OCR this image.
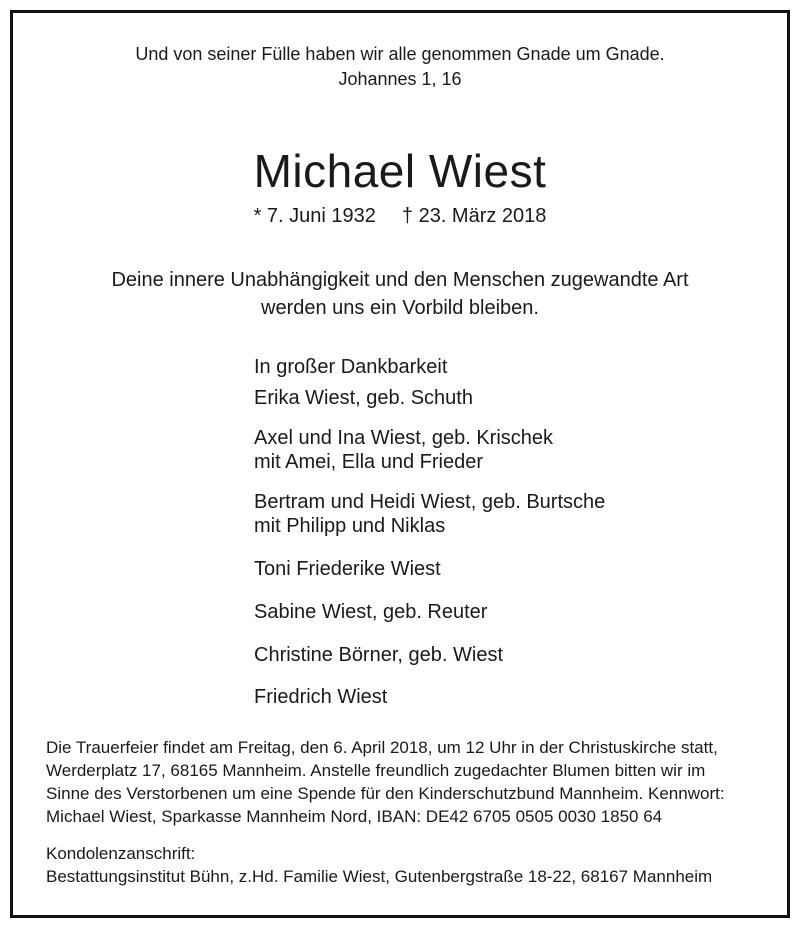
Und von seiner Fülle haben wir alle genommen Gnade um Gnade.
Johannes 1, 16
Michael Wiest
* 7. Juni 1932 † 23. März 2018
Deine innere Unabhängigkeit und den Menschen zugewandte Art
werden uns ein Vorbild bleiben.
In großer Dankbarkeit
Erika Wiest, geb. Schuth
Axel und Ina Wiest, geb. Krischek
mit Amei, Ella und Frieder
Bertram und Heidi Wiest, geb. Burtsche
mit Philipp und Niklas
Toni Friederike Wiest
Sabine Wiest, geb. Reuter
Christine Börner, geb. Wiest
Friedrich Wiest
Die Trauerfeier findet am Freitag, den 6. April 2018, um 12 Uhr in der Christuskirche statt,
Werderplatz 17, 68165 Mannheim. Anstelle freundlich zugedachter Blumen bitten wir im
Sinne des Verstorbenen um eine Spende für den Kinderschutzbund Mannheim. Kennwort:
Michael Wiest, Sparkasse Mannheim Nord, IBAN: DE42 6705 0505 0030 1850 64
Kondolenzanschrift:
Bestattungsinstitut Bühn, z.Hd. Familie Wiest, Gutenbergstraße 18-22, 68167 Mannheim
